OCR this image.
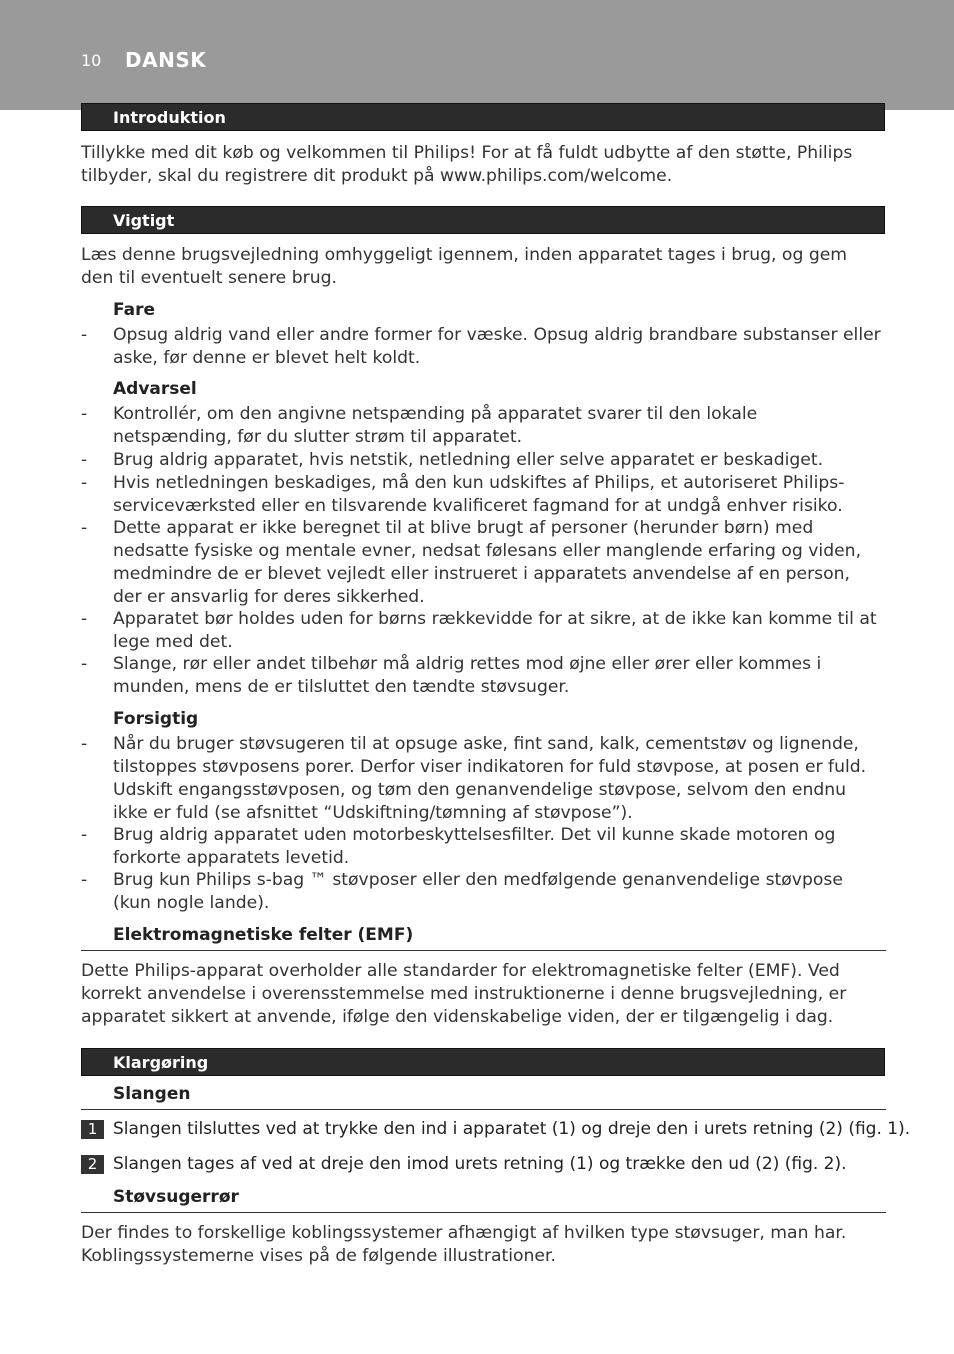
10 DANSK
Introduktion
Tillykke med dit køb og velkommen til Philips! For at få fuldt udbytte af den støtte, Philips tilbyder, skal du registrere dit produkt på www.philips.com/welcome.
Vigtigt
Læs denne brugsvejledning omhyggeligt igennem, inden apparatet tages i brug, og gem den til eventuelt senere brug.
Fare
- Opsug aldrig vand eller andre former for væske. Opsug aldrig brandbare substanser eller aske, før denne er blevet helt koldt.
Advarsel
- Kontrollér, om den angivne netspænding på apparatet svarer til den lokale netspænding, før du slutter strøm til apparatet.
- Brug aldrig apparatet, hvis netstik, netledning eller selve apparatet er beskadiget.
- Hvis netledningen beskadiges, må den kun udskiftes af Philips, et autoriseret Philips-serviceværksted eller en tilsvarende kvalificeret fagmand for at undgå enhver risiko.
- Dette apparat er ikke beregnet til at blive brugt af personer (herunder børn) med nedsatte fysiske og mentale evner, nedsat følesans eller manglende erfaring og viden, medmindre de er blevet vejledt eller instrueret i apparatets anvendelse af en person, der er ansvarlig for deres sikkerhed.
- Apparatet bør holdes uden for børns rækkevidde for at sikre, at de ikke kan komme til at lege med det.
- Slange, rør eller andet tilbehør må aldrig rettes mod øjne eller ører eller kommes i munden, mens de er tilsluttet den tændte støvsuger.
Forsigtig
- Når du bruger støvsugeren til at opsuge aske, fint sand, kalk, cementstøv og lignende, tilstoppes støvposens porer. Derfor viser indikatoren for fuld støvpose, at posen er fuld. Udskift engangsstøvposen, og tøm den genanvendelige støvpose, selvom den endnu ikke er fuld (se afsnittet “Udskiftning/tømning af støvpose”).
- Brug aldrig apparatet uden motorbeskyttelsesfilter. Det vil kunne skade motoren og forkorte apparatets levetid.
- Brug kun Philips s-bag ™ støvposer eller den medfølgende genanvendelige støvpose (kun nogle lande).
Elektromagnetiske felter (EMF)
Dette Philips-apparat overholder alle standarder for elektromagnetiske felter (EMF). Ved korrekt anvendelse i overensstemmelse med instruktionerne i denne brugsvejledning, er apparatet sikkert at anvende, ifølge den videnskabelige viden, der er tilgængelig i dag.
Klargøring
Slangen
1 Slangen tilsluttes ved at trykke den ind i apparatet (1) og dreje den i urets retning (2) (fig. 1).
2 Slangen tages af ved at dreje den imod urets retning (1) og trække den ud (2) (fig. 2).
Støvsugerrør
Der findes to forskellige koblingssystemer afhængigt af hvilken type støvsuger, man har. Koblingssystemerne vises på de følgende illustrationer.
